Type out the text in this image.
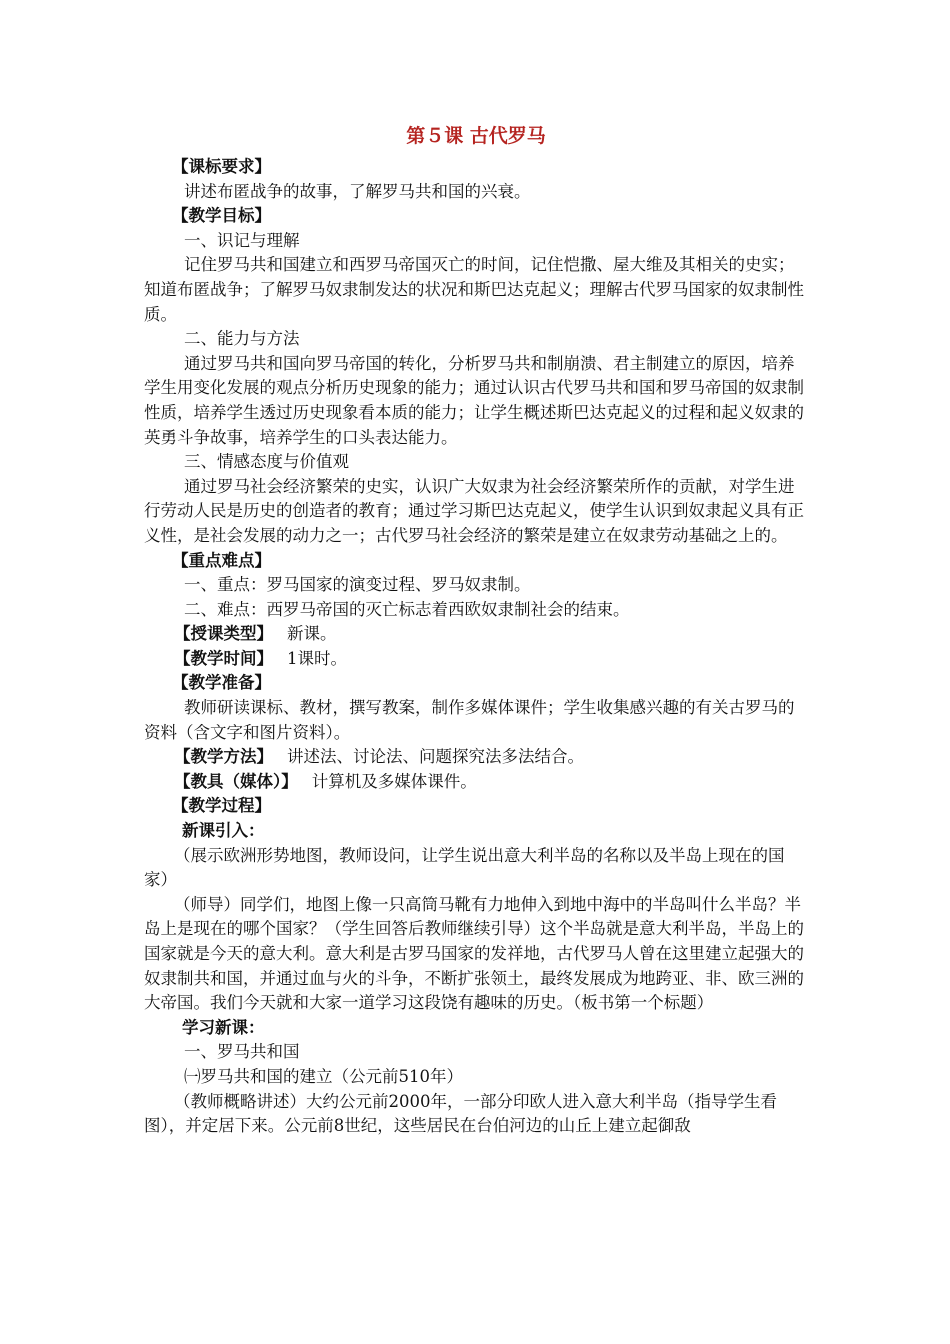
第５课 古代罗马

【课标要求】

讲述布匿战争的故事，了解罗马共和国的兴衰。

【教学目标】

一、识记与理解

记住罗马共和国建立和西罗马帝国灭亡的时间，记住恺撒、屋大维及其相关的史实；知道布匿战争；了解罗马奴隶制发达的状况和斯巴达克起义；理解古代罗马国家的奴隶制性质。

二、能力与方法

通过罗马共和国向罗马帝国的转化，分析罗马共和制崩溃、君主制建立的原因，培养学生用变化发展的观点分析历史现象的能力；通过认识古代罗马共和国和罗马帝国的奴隶制性质，培养学生透过历史现象看本质的能力；让学生概述斯巴达克起义的过程和起义奴隶的英勇斗争故事，培养学生的口头表达能力。

三、情感态度与价值观

通过罗马社会经济繁荣的史实，认识广大奴隶为社会经济繁荣所作的贡献，对学生进行劳动人民是历史的创造者的教育；通过学习斯巴达克起义，使学生认识到奴隶起义具有正义性，是社会发展的动力之一；古代罗马社会经济的繁荣是建立在奴隶劳动基础之上的。

【重点难点】

一、重点：罗马国家的演变过程、罗马奴隶制。

二、难点：西罗马帝国的灭亡标志着西欧奴隶制社会的结束。

【授课类型】 新课。

【教学时间】 1课时。

【教学准备】

教师研读课标、教材，撰写教案，制作多媒体课件；学生收集感兴趣的有关古罗马的资料（含文字和图片资料）。

【教学方法】 讲述法、讨论法、问题探究法多法结合。

【教具（媒体）】 计算机及多媒体课件。

【教学过程】

新课引入：

（展示欧洲形势地图，教师设问，让学生说出意大利半岛的名称以及半岛上现在的国家）

（师导）同学们，地图上像一只高筒马靴有力地伸入到地中海中的半岛叫什么半岛？半岛上是现在的哪个国家？（学生回答后教师继续引导）这个半岛就是意大利半岛，半岛上的国家就是今天的意大利。意大利是古罗马国家的发祥地，古代罗马人曾在这里建立起强大的奴隶制共和国，并通过血与火的斗争，不断扩张领土，最终发展成为地跨亚、非、欧三洲的大帝国。我们今天就和大家一道学习这段饶有趣味的历史。（板书第一个标题）

学习新课：

一、罗马共和国

㈠罗马共和国的建立（公元前510年）

（教师概略讲述）大约公元前2000年，一部分印欧人进入意大利半岛（指导学生看图），并定居下来。公元前8世纪，这些居民在台伯河边的山丘上建立起御敌
